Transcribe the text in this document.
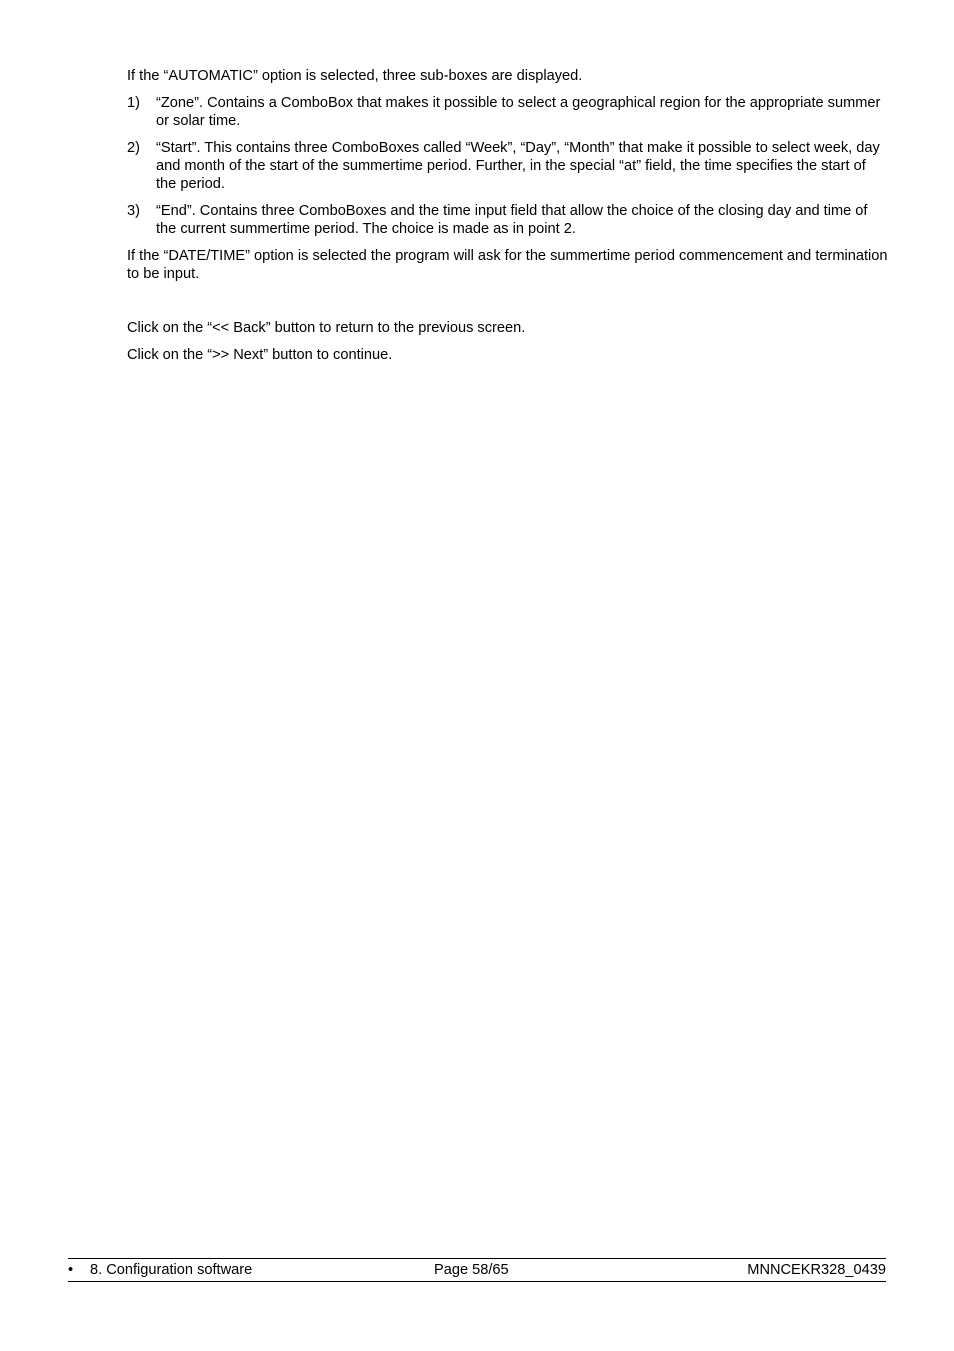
If the “AUTOMATIC” option is selected, three sub-boxes are displayed.

1) “Zone”. Contains a ComboBox that makes it possible to select a geographical region for the appropriate summer or solar time.
2) “Start”. This contains three ComboBoxes called “Week”, “Day”, “Month” that make it possible to select week, day and month of the start of the summertime period. Further, in the special “at” field, the time specifies the start of the period.
3) “End”. Contains three ComboBoxes and the time input field that allow the choice of the closing day and time of the current summertime period. The choice is made as in point 2.

If the “DATE/TIME” option is selected the program will ask for the summertime period commencement and termination to be input.

Click on the “<< Back” button to return to the previous screen.

Click on the “>> Next” button to continue.

• 8. Configuration software	Page 58/65	MNNCEKR328_0439
